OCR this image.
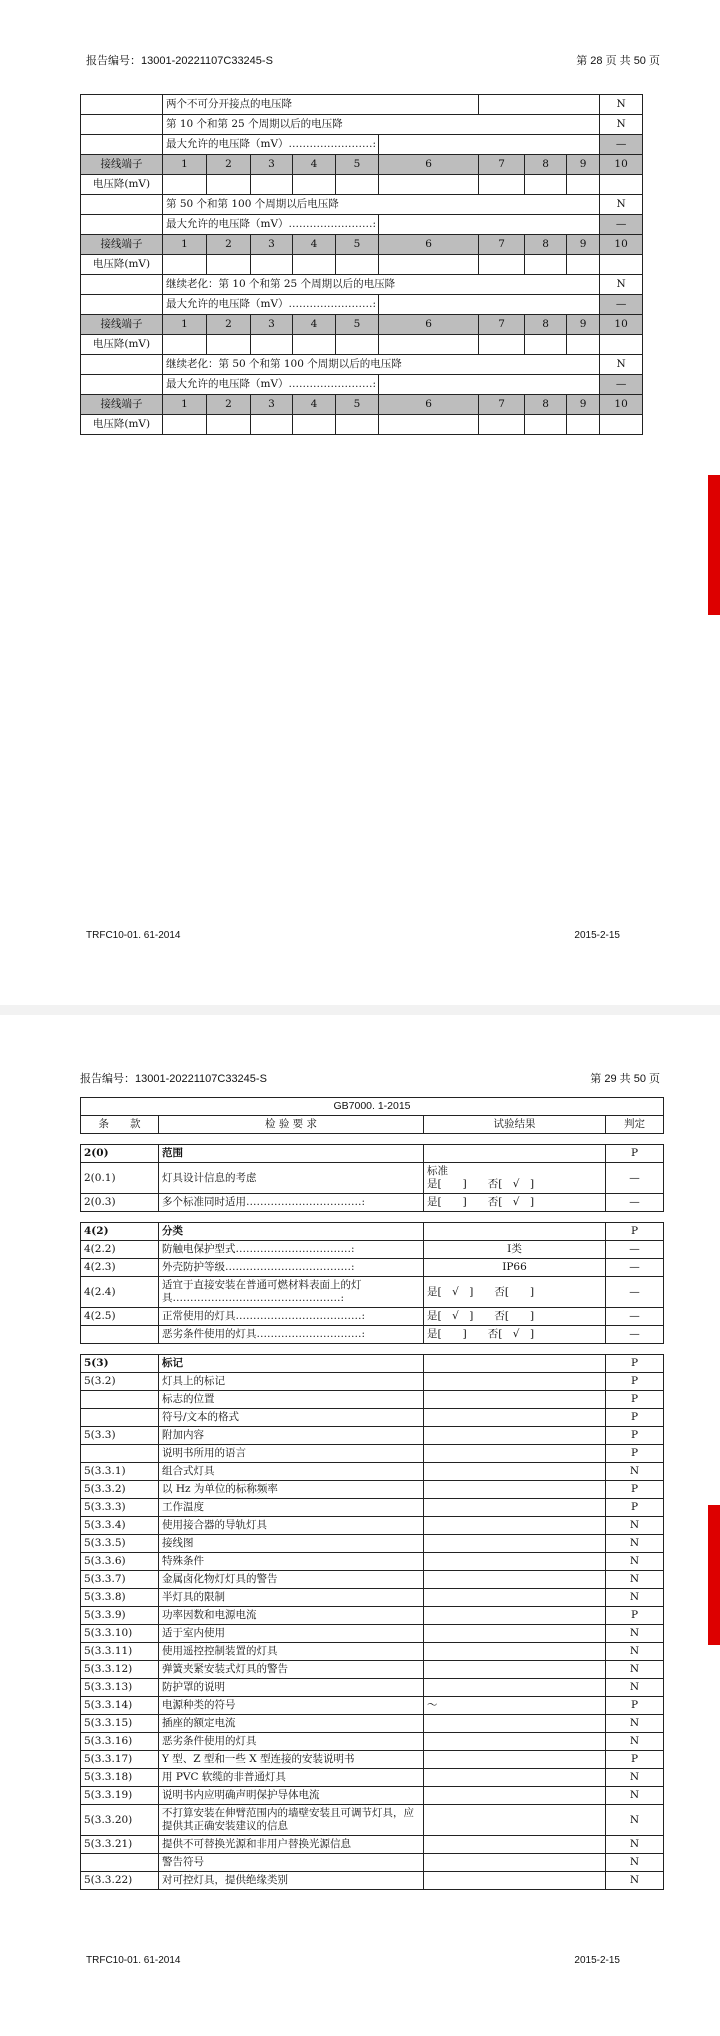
报告编号：13001-20221107C33245-S	第 28 页 共 50 页
	两个不可分开接点的电压降									N
	第 10 个和第 25 个周期以后的电压降									N
	最大允许的电压降（mV）……………………:									—
接线端子	1	2	3	4	5	6	7	8	9	10
电压降(mV)										
	第 50 个和第 100 个周期以后电压降									N
	最大允许的电压降（mV）……………………:									—
接线端子	1	2	3	4	5	6	7	8	9	10
电压降(mV)										
	继续老化：第 10 个和第 25 个周期以后的电压降									N
	最大允许的电压降（mV）……………………:									—
接线端子	1	2	3	4	5	6	7	8	9	10
电压降(mV)										
	继续老化：第 50 个和第 100 个周期以后的电压降									N
	最大允许的电压降（mV）……………………:									—
接线端子	1	2	3	4	5	6	7	8	9	10
电压降(mV)										
TRFC10-01. 61-2014	2015-2-15
报告编号：13001-20221107C33245-S	第 29 共 50 页
GB7000. 1-2015			
条　　款	检 验 要 求	试验结果	判定

2(0)	范围		P
2(0.1)	灯具设计信息的考虑	标准
是[　　]　　否[　√　]	—
2(0.3)	多个标准同时适用……………………………:	是[　　]　　否[　√　]	—

4(2)	分类		P
4(2.2)	防触电保护型式……………………………:	Ⅰ类	—
4(2.3)	外壳防护等级………………………………:	IP66	—
4(2.4)	适宜于直接安装在普通可燃材料表面上的灯具…………………………………………:	是[　√　]　　否[　　]	—
4(2.5)	正常使用的灯具………………………………:	是[　√　]　　否[　　]	—
	恶劣条件使用的灯具…………………………:	是[　　]　　否[　√　]	—

5(3)	标记		P
5(3.2)	灯具上的标记		P
	标志的位置		P
	符号/文本的格式		P
5(3.3)	附加内容		P
	说明书所用的语言		P
5(3.3.1)	组合式灯具		N
5(3.3.2)	以 Hz 为单位的标称频率		P
5(3.3.3)	工作温度		P
5(3.3.4)	使用接合器的导轨灯具		N
5(3.3.5)	接线图		N
5(3.3.6)	特殊条件		N
5(3.3.7)	金属卤化物灯灯具的警告		N
5(3.3.8)	半灯具的限制		N
5(3.3.9)	功率因数和电源电流		P
5(3.3.10)	适于室内使用		N
5(3.3.11)	使用遥控控制装置的灯具		N
5(3.3.12)	弹簧夹紧安装式灯具的警告		N
5(3.3.13)	防护罩的说明		N
5(3.3.14)	电源种类的符号	～	P
5(3.3.15)	插座的额定电流		N
5(3.3.16)	恶劣条件使用的灯具		N
5(3.3.17)	Y 型、Z 型和一些 X 型连接的安装说明书		P
5(3.3.18)	用 PVC 软缆的非普通灯具		N
5(3.3.19)	说明书内应明确声明保护导体电流		N
5(3.3.20)	不打算安装在伸臂范围内的墙壁安装且可调节灯具，应提供其正确安装建议的信息		N
5(3.3.21)	提供不可替换光源和非用户替换光源信息		N
	警告符号		N
5(3.3.22)	对可控灯具，提供绝缘类别		N
TRFC10-01. 61-2014	2015-2-15
